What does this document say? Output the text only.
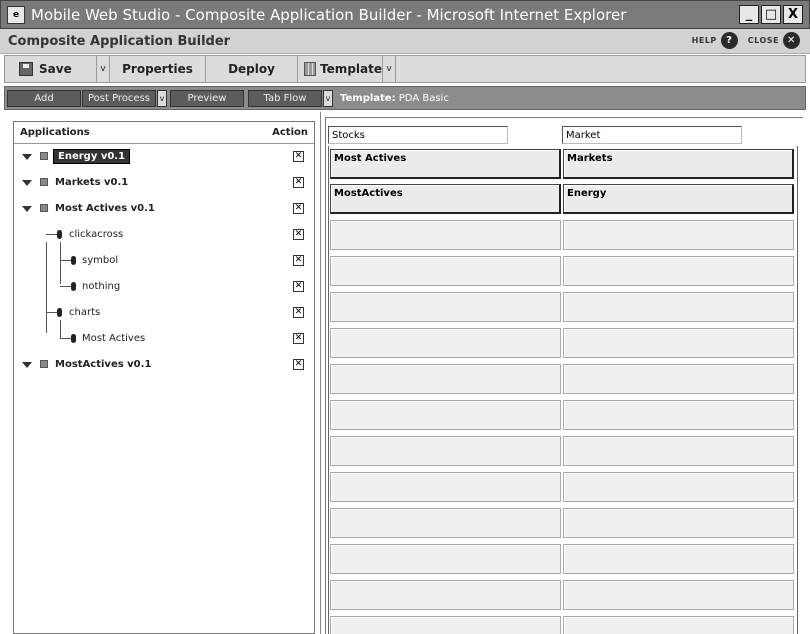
e Mobile Web Studio - Composite Application Builder - Microsoft Internet Explorer	_ □ X
Composite Application Builder	HELP ?	CLOSE ✕
Save	v	Properties	Deploy	Template v
Add	Post Process	v	Preview	Tab Flow	v Template: PDA Basic
Applications	Action
Energy v0.1	✕
Markets v0.1	✕
Most Actives v0.1	✕
clickacross	✕
symbol	✕
nothing	✕
charts	✕
Most Actives	✕
MostActives v0.1	✕
Stocks	Market
Most Actives	Markets
MostActives	Energy
